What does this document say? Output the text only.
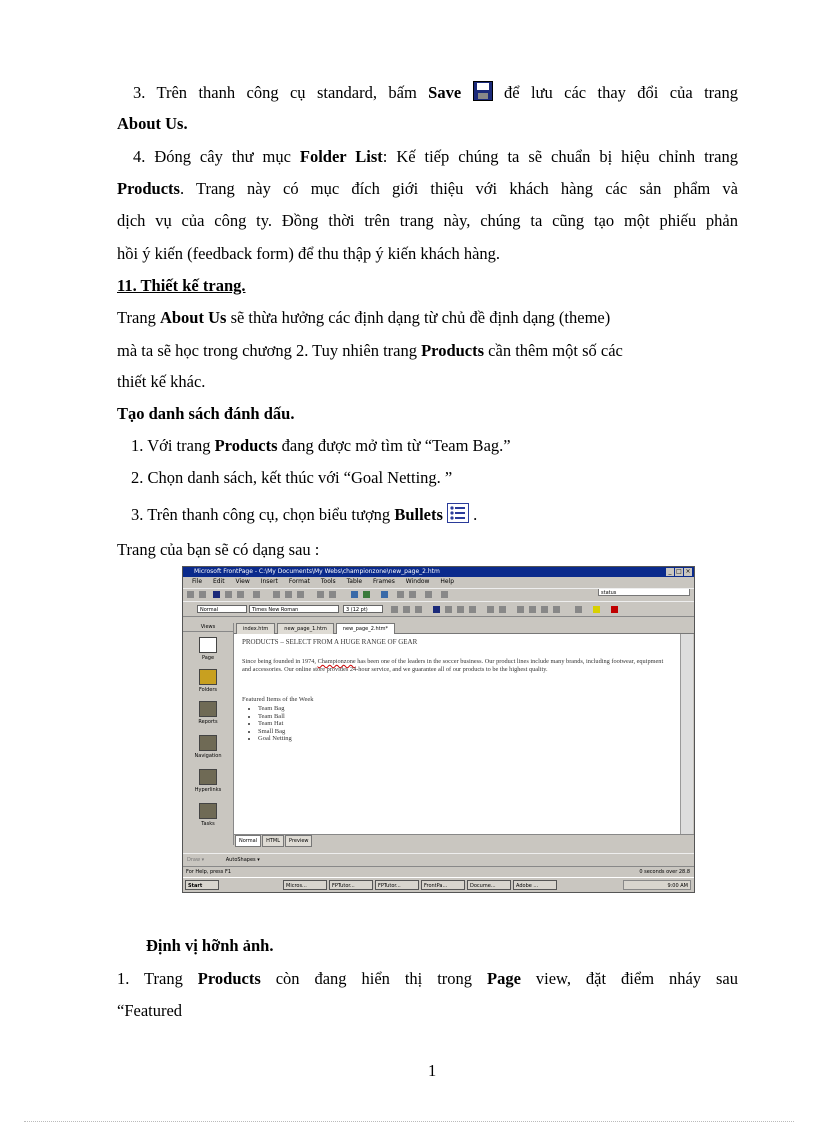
3. Trên thanh công cụ standard, bấm Save	để lưu các thay đổi của trang
About Us.
4. Đóng cây thư mục Folder List: Kế tiếp chúng ta sẽ chuẩn bị hiệu chỉnh trang
Products. Trang này có mục đích giới thiệu với khách hàng các sản phẩm và
dịch vụ của công ty. Đồng thời trên trang này, chúng ta cũng tạo một phiếu phản
hồi ý kiến (feedback form) để thu thập ý kiến khách hàng.
11. Thiết kế trang.
Trang About Us sẽ thừa hưởng các định dạng từ chủ đề định dạng (theme)
mà ta sẽ học trong chương 2. Tuy nhiên trang Products cần thêm một số các
thiết kế khác.
Tạo danh sách đánh dấu.
1. Với trang Products đang được mở tìm từ “Team Bag.”
2. Chọn danh sách, kết thúc với “Goal Netting. ”
3. Trên thanh công cụ, chọn biểu tượng Bullets  .
Trang của bạn sẽ có dạng sau :
Microsoft FrontPage - C:\My Documents\My Webs\championzone\new_page_2.htm	_ □ ×
File Edit View Insert Format Tools Table Frames Window Help
status
Normal	Times New Roman	3 (12 pt)
Views
Page
Folders
Reports
Navigation
Hyperlinks
Tasks
index.htm	new_page_1.htm	new_page_2.htm*
PRODUCTS – SELECT FROM A HUGE RANGE OF GEAR
Since being founded in 1974, Championzone has been one of the leaders in the soccer business. Our product lines include many brands, including footwear, equipment and accessories. Our online store provides 24-hour service, and we guarantee all of our products to be the highest quality.
Featured Items of the Week
• Team Bag
• Team Ball
• Team Hat
• Small Bag
• Goal Netting
Normal HTML Preview
Draw ▾	AutoShapes ▾
For Help, press F1	0 seconds over 28.8
Start	Micros...	FPTutor...	FPTutor...	FrontPa...	Docume...	Adobe ...	9:00 AM
Định vị hỡnh ảnh.
1. Trang Products còn đang hiển thị trong Page view, đặt điểm nháy sau
“Featured
1
